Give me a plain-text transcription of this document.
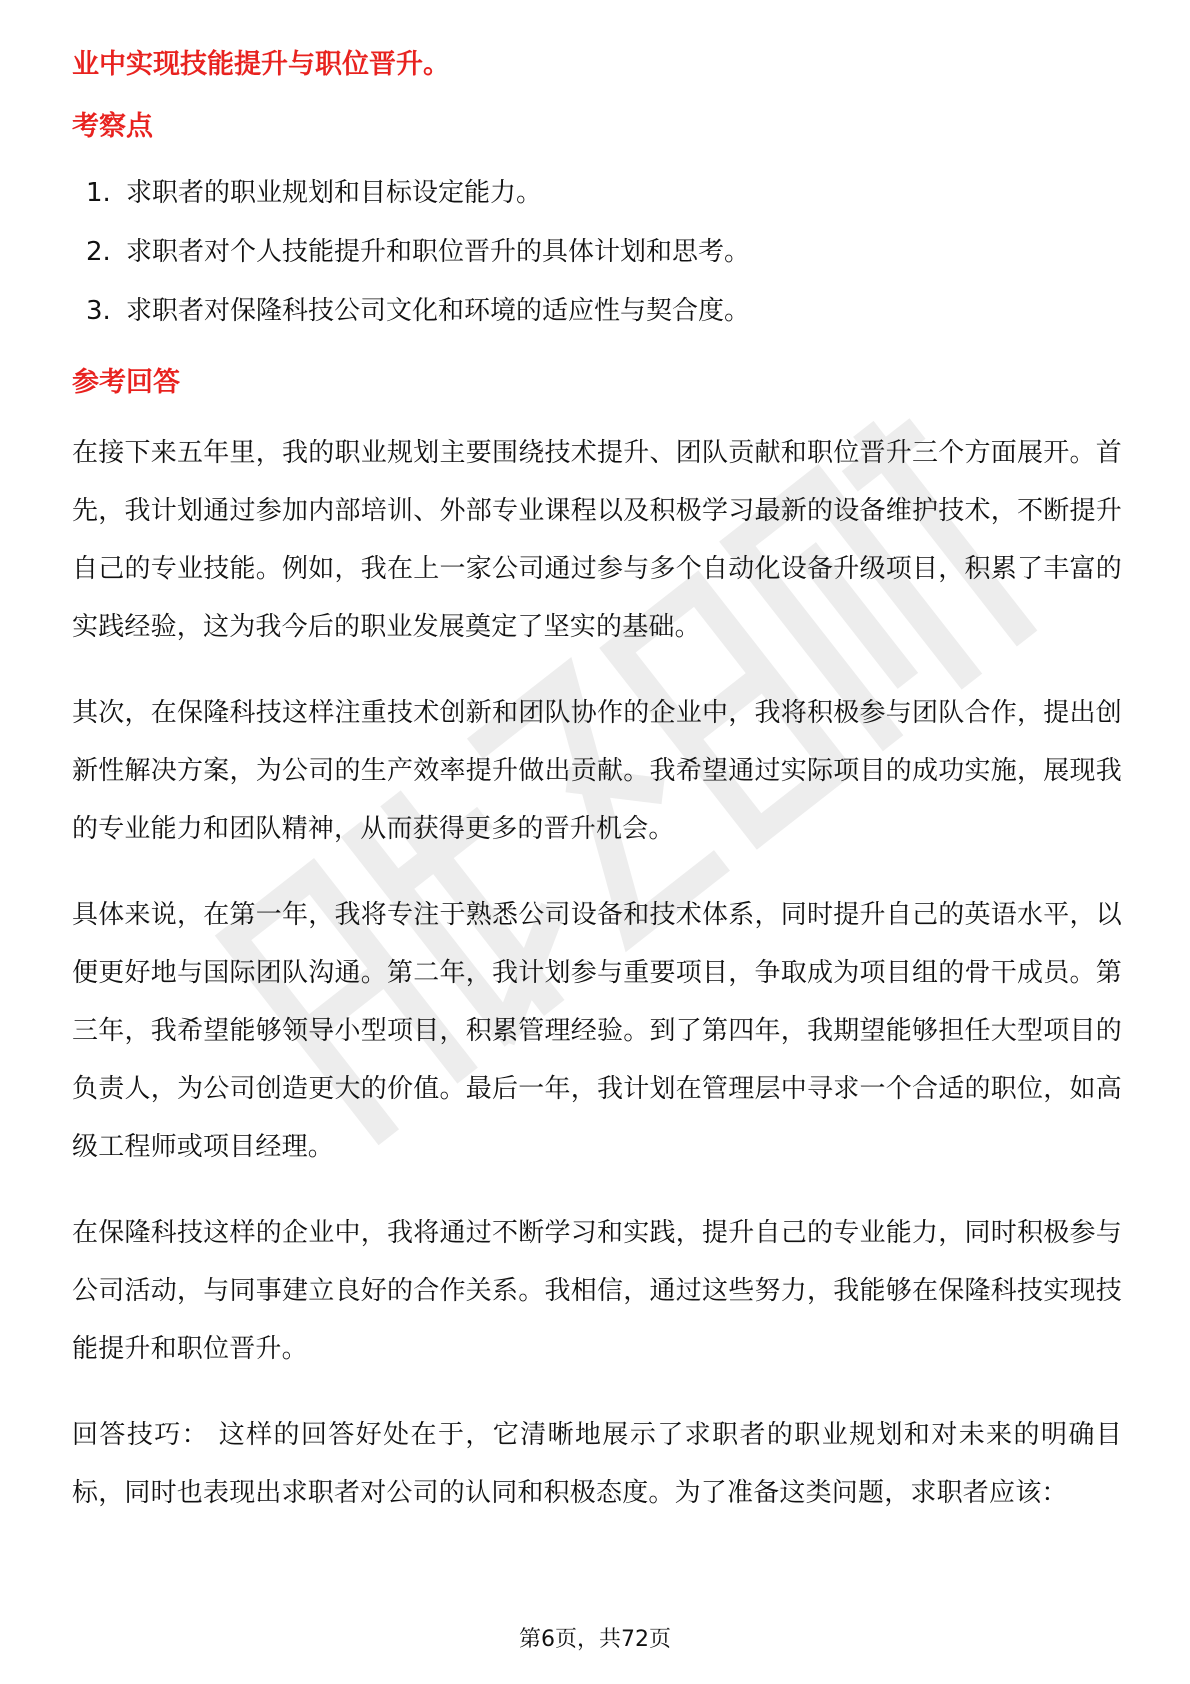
业中实现技能提升与职位晋升。

考察点

1. 求职者的职业规划和目标设定能力。
2. 求职者对个人技能提升和职位晋升的具体计划和思考。
3. 求职者对保隆科技公司文化和环境的适应性与契合度。

参考回答

在接下来五年里，我的职业规划主要围绕技术提升、团队贡献和职位晋升三个方面展开。首先，我计划通过参加内部培训、外部专业课程以及积极学习最新的设备维护技术，不断提升自己的专业技能。例如，我在上一家公司通过参与多个自动化设备升级项目，积累了丰富的实践经验，这为我今后的职业发展奠定了坚实的基础。

其次，在保隆科技这样注重技术创新和团队协作的企业中，我将积极参与团队合作，提出创新性解决方案，为公司的生产效率提升做出贡献。我希望通过实际项目的成功实施，展现我的专业能力和团队精神，从而获得更多的晋升机会。

具体来说，在第一年，我将专注于熟悉公司设备和技术体系，同时提升自己的英语水平，以便更好地与国际团队沟通。第二年，我计划参与重要项目，争取成为项目组的骨干成员。第三年，我希望能够领导小型项目，积累管理经验。到了第四年，我期望能够担任大型项目的负责人，为公司创造更大的价值。最后一年，我计划在管理层中寻求一个合适的职位，如高级工程师或项目经理。

在保隆科技这样的企业中，我将通过不断学习和实践，提升自己的专业能力，同时积极参与公司活动，与同事建立良好的合作关系。我相信，通过这些努力，我能够在保隆科技实现技能提升和职位晋升。

回答技巧： 这样的回答好处在于，它清晰地展示了求职者的职业规划和对未来的明确目标，同时也表现出求职者对公司的认同和积极态度。为了准备这类问题，求职者应该：

第6页，共72页
